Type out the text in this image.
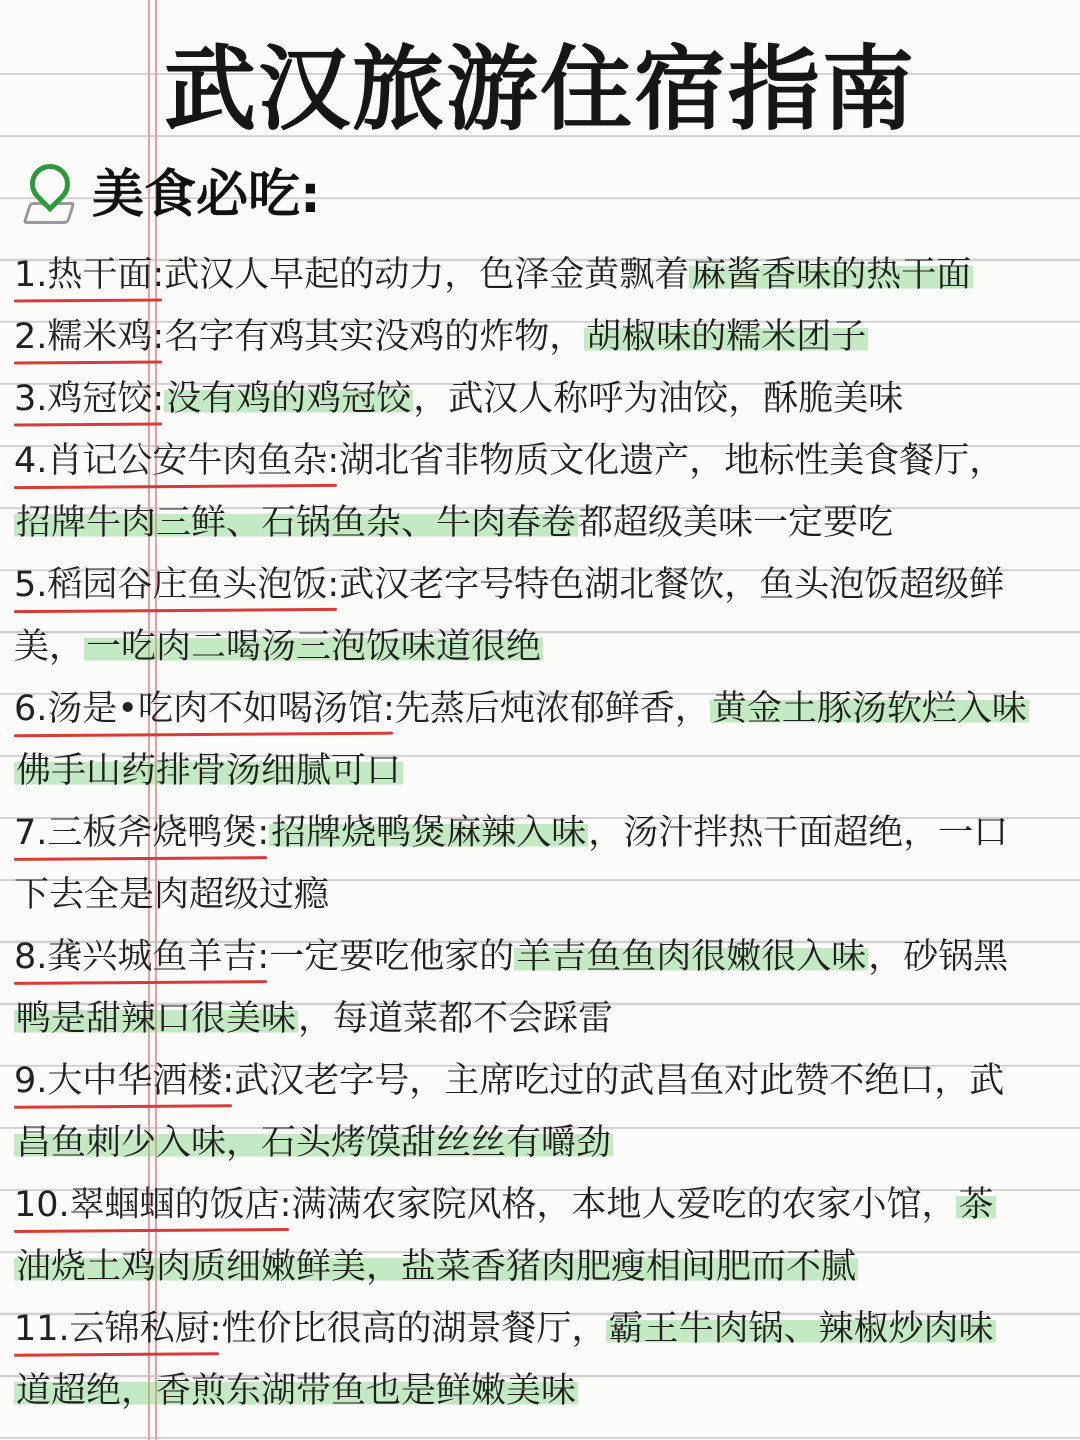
武汉旅游住宿指南
美食必吃:
1.热干面:武汉人早起的动力，色泽金黄飘着麻酱香味的热干面
2.糯米鸡:名字有鸡其实没鸡的炸物，胡椒味的糯米团子
3.鸡冠饺:没有鸡的鸡冠饺，武汉人称呼为油饺，酥脆美味
4.肖记公安牛肉鱼杂:湖北省非物质文化遗产，地标性美食餐厅，
招牌牛肉三鲜、石锅鱼杂、牛肉春卷都超级美味一定要吃
5.稻园谷庄鱼头泡饭:武汉老字号特色湖北餐饮，鱼头泡饭超级鲜
美，一吃肉二喝汤三泡饭味道很绝
6.汤是•吃肉不如喝汤馆:先蒸后炖浓郁鲜香，黄金土豚汤软烂入味
佛手山药排骨汤细腻可口
7.三板斧烧鸭煲:招牌烧鸭煲麻辣入味，汤汁拌热干面超绝，一口
下去全是肉超级过瘾
8.龚兴城鱼羊吉:一定要吃他家的羊吉鱼鱼肉很嫩很入味，砂锅黑
鸭是甜辣口很美味，每道菜都不会踩雷
9.大中华酒楼:武汉老字号，主席吃过的武昌鱼对此赞不绝口，武
昌鱼刺少入味，石头烤馍甜丝丝有嚼劲
10.翠蝈蝈的饭店:满满农家院风格，本地人爱吃的农家小馆，茶
油烧土鸡肉质细嫩鲜美，盐菜香猪肉肥瘦相间肥而不腻
11.云锦私厨:性价比很高的湖景餐厅，霸王牛肉锅、辣椒炒肉味
道超绝，香煎东湖带鱼也是鲜嫩美味
